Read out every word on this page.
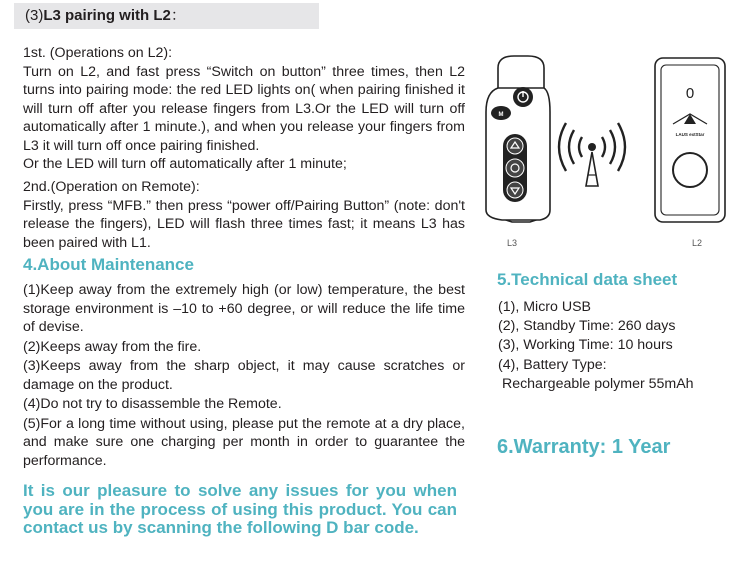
(3)L3 pairing with L2：

1st. (Operations on L2):

Turn on L2, and fast press “Switch on button” three times, then L2 turns into pairing mode: the red LED lights on( when pairing finished it will turn off after you release fingers from L3.Or the LED will turn off automatically after 1 minute.), and when you release your fingers from L3 it will turn off once pairing finished.

Or the LED will turn off automatically after 1 minute;

2nd.(Operation on Remote):

Firstly, press “MFB.” then press “power off/Pairing Button” (note: don't release the fingers), LED will flash three times fast; it means L3 has been paired with L1.

4.About Maintenance

(1)Keep away from the extremely high (or low) temperature, the best storage environment is –10 to +60 degree, or will reduce the life time of devise.

(2)Keeps away from the fire.

(3)Keeps away from the sharp object, it may cause scratches or damage on the product.

(4)Do not try to disassemble the Remote.

(5)For a long time without using, please put the remote at a dry place, and make sure one charging per month in order to guarantee the performance.

It is our pleasure to solve any issues for you when you are in the process of using this product. You can contact us by scanning the following D bar code.

M
0
LAUS extStar
L3	L2
5.Technical data sheet

(1), Micro USB

(2), Standby Time: 260 days

(3), Working Time: 10 hours

(4), Battery Type:

Rechargeable polymer 55mAh

6.Warranty: 1 Year
